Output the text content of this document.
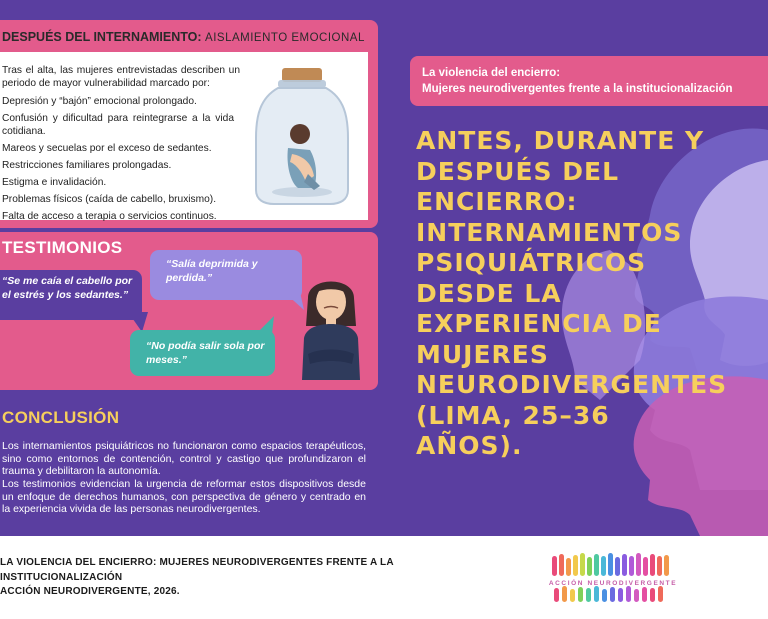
DESPUÉS DEL INTERNAMIENTO: AISLAMIENTO EMOCIONAL
Tras el alta, las mujeres entrevistadas describen un periodo de mayor vulnerabilidad marcado por:
Depresión y “bajón” emocional prolongado.
Confusión y dificultad para reintegrarse a la vida cotidiana.
Mareos y secuelas por el exceso de sedantes.
Restricciones familiares prolongadas.
Estigma e invalidación.
Problemas físicos (caída de cabello, bruxismo).
Falta de acceso a terapia o servicios continuos.
TESTIMONIOS
“Se me caía el cabello por el estrés y los sedantes.”
“Salía deprimida y perdida.”
“No podía salir sola por meses.”
CONCLUSIÓN

Los internamientos psiquiátricos no funcionaron como espacios terapéuticos, sino como entornos de contención, control y castigo que profundizaron el trauma y debilitaron la autonomía.

Los testimonios evidencian la urgencia de reformar estos dispositivos desde un enfoque de derechos humanos, con perspectiva de género y centrado en la experiencia vivida de las personas neurodivergentes.

La violencia del encierro:
Mujeres neurodivergentes frente a la institucionalización
ANTES, DURANTE Y DESPUÉS DEL ENCIERRO: INTERNAMIENTOS PSIQUIÁTRICOS DESDE LA EXPERIENCIA DE MUJERES NEURODIVERGENTES (LIMA, 25–36 AÑOS).
LA VIOLENCIA DEL ENCIERRO: MUJERES NEURODIVERGENTES FRENTE A LA
INSTITUCIONALIZACIÓN
ACCIÓN NEURODIVERGENTE, 2026.
ACCIÓN NEURODIVERGENTE
